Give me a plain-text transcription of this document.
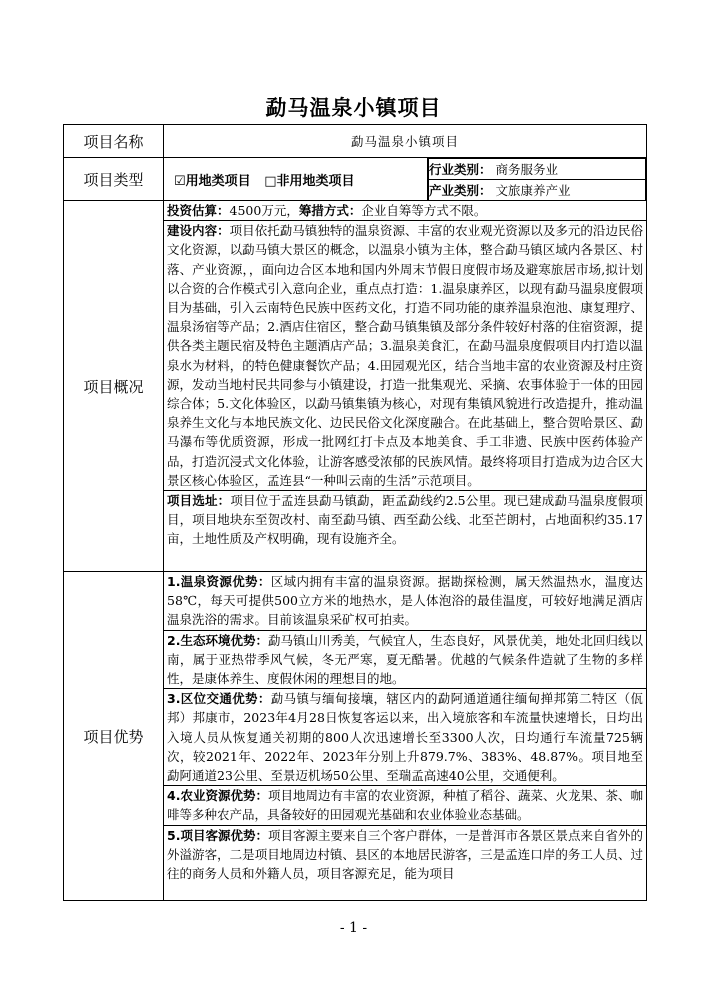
勐马温泉小镇项目
项目名称	勐马温泉小镇项目
项目类型	☑用地类项目 □非用地类项目	
行业类别： 商务服务业
产业类别： 文旅康养产业

项目概况	
投资估算：4500万元，筹措方式：企业自筹等方式不限。
建设内容：项目依托勐马镇独特的温泉资源、丰富的农业观光资源以及多元的沿边民俗文化资源，以勐马镇大景区的概念，以温泉小镇为主体，整合勐马镇区域内各景区、村落、产业资源，，面向边合区本地和国内外周末节假日度假市场及避寒旅居市场,拟计划以合资的合作模式引入意向企业，重点点打造：1.温泉康养区，以现有勐马温泉度假项目为基础，引入云南特色民族中医药文化，打造不同功能的康养温泉泡池、康复理疗、温泉汤宿等产品；2.酒店住宿区，整合勐马镇集镇及部分条件较好村落的住宿资源，提供各类主题民宿及特色主题酒店产品；3.温泉美食汇，在勐马温泉度假项目内打造以温泉水为材料，的特色健康餐饮产品；4.田园观光区，结合当地丰富的农业资源及村庄资源，发动当地村民共同参与小镇建设，打造一批集观光、采摘、农事体验于一体的田园综合体；5.文化体验区，以勐马镇集镇为核心，对现有集镇风貌进行改造提升，推动温泉养生文化与本地民族文化、边民民俗文化深度融合。在此基础上，整合贺哈景区、勐马瀑布等优质资源，形成一批网红打卡点及本地美食、手工非遗、民族中医药体验产品，打造沉浸式文化体验，让游客感受浓郁的民族风情。最终将项目打造成为边合区大景区核心体验区，孟连县“一种叫云南的生活”示范项目。
项目选址：项目位于孟连县勐马镇勐，距孟勐线约2.5公里。现已建成勐马温泉度假项目，项目地块东至贺改村、南至勐马镇、西至勐公线、北至芒朗村，占地面积约35.17亩，土地性质及产权明确，现有设施齐全。

项目优势	
1.温泉资源优势：区域内拥有丰富的温泉资源。据勘探检测，属天然温热水，温度达58℃，每天可提供500立方米的地热水，是人体泡浴的最佳温度，可较好地满足酒店温泉洗浴的需求。目前该温泉采矿权可拍卖。
2.生态环境优势：勐马镇山川秀美，气候宜人，生态良好，风景优美，地处北回归线以南，属于亚热带季风气候，冬无严寒，夏无酷暑。优越的气候条件造就了生物的多样性，是康体养生、度假休闲的理想目的地。
3.区位交通优势：勐马镇与缅甸接壤，辖区内的勐阿通道通往缅甸掸邦第二特区（佤邦）邦康市，2023年4月28日恢复客运以来，出入境旅客和车流量快速增长，日均出入境人员从恢复通关初期的800人次迅速增长至3300人次，日均通行车流量725辆次，较2021年、2022年、2023年分别上升879.7%、383%、48.87%。项目地至勐阿通道23公里、至景迈机场50公里、至瑞孟高速40公里，交通便利。
4.农业资源优势：项目地周边有丰富的农业资源，种植了稻谷、蔬菜、火龙果、茶、咖啡等多种农产品，具备较好的田园观光基础和农业体验业态基础。
5.项目客源优势：项目客源主要来自三个客户群体，一是普洱市各景区景点来自省外的外溢游客，二是项目地周边村镇、县区的本地居民游客，三是孟连口岸的务工人员、过往的商务人员和外籍人员，项目客源充足，能为项目
- 1 -
